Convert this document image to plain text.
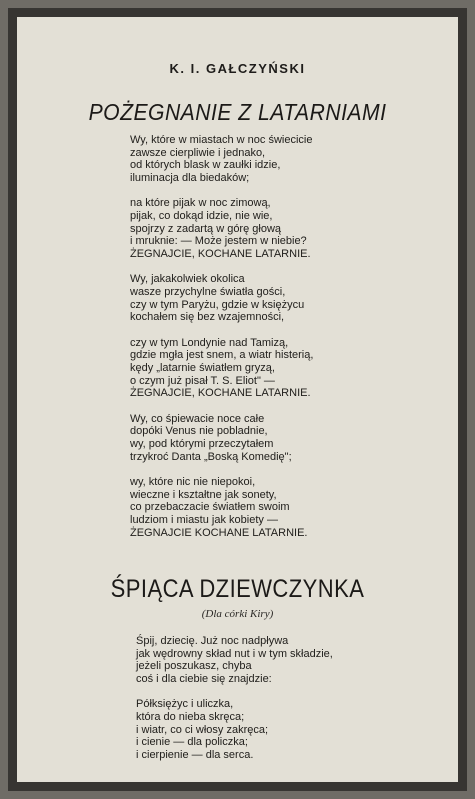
K. I. GAŁCZYŃSKI
POŻEGNANIE Z LATARNIAMI
Wy, które w miastach w noc świecicie
zawsze cierpliwie i jednako,
od których blask w zaułki idzie,
iluminacja dla biedaków;
na które pijak w noc zimową,
pijak, co dokąd idzie, nie wie,
spojrzy z zadartą w górę głową
i mruknie: — Może jestem w niebie?
ŻEGNAJCIE, KOCHANE LATARNIE.
Wy, jakakolwiek okolica
wasze przychylne światła gości,
czy w tym Paryżu, gdzie w księżycu
kochałem się bez wzajemności,
czy w tym Londynie nad Tamizą,
gdzie mgła jest snem, a wiatr histerią,
kędy „latarnie światłem gryzą,
o czym już pisał T. S. Eliot" —
ŻEGNAJCIE, KOCHANE LATARNIE.
Wy, co śpiewacie noce całe
dopóki Venus nie pobladnie,
wy, pod którymi przeczytałem
trzykroć Danta „Boską Komedię";
wy, które nic nie niepokoi,
wieczne i kształtne jak sonety,
co przebaczacie światłem swoim
ludziom i miastu jak kobiety —
ŻEGNAJCIE KOCHANE LATARNIE.
ŚPIĄCA DZIEWCZYNKA
(Dla córki Kiry)
Śpij, dziecię. Już noc nadpływa
jak wędrowny skład nut i w tym składzie,
jeżeli poszukasz, chyba
coś i dla ciebie się znajdzie:
Półksiężyc i uliczka,
która do nieba skręca;
i wiatr, co ci włosy zakręca;
i cienie — dla policzka;
i cierpienie — dla serca.
